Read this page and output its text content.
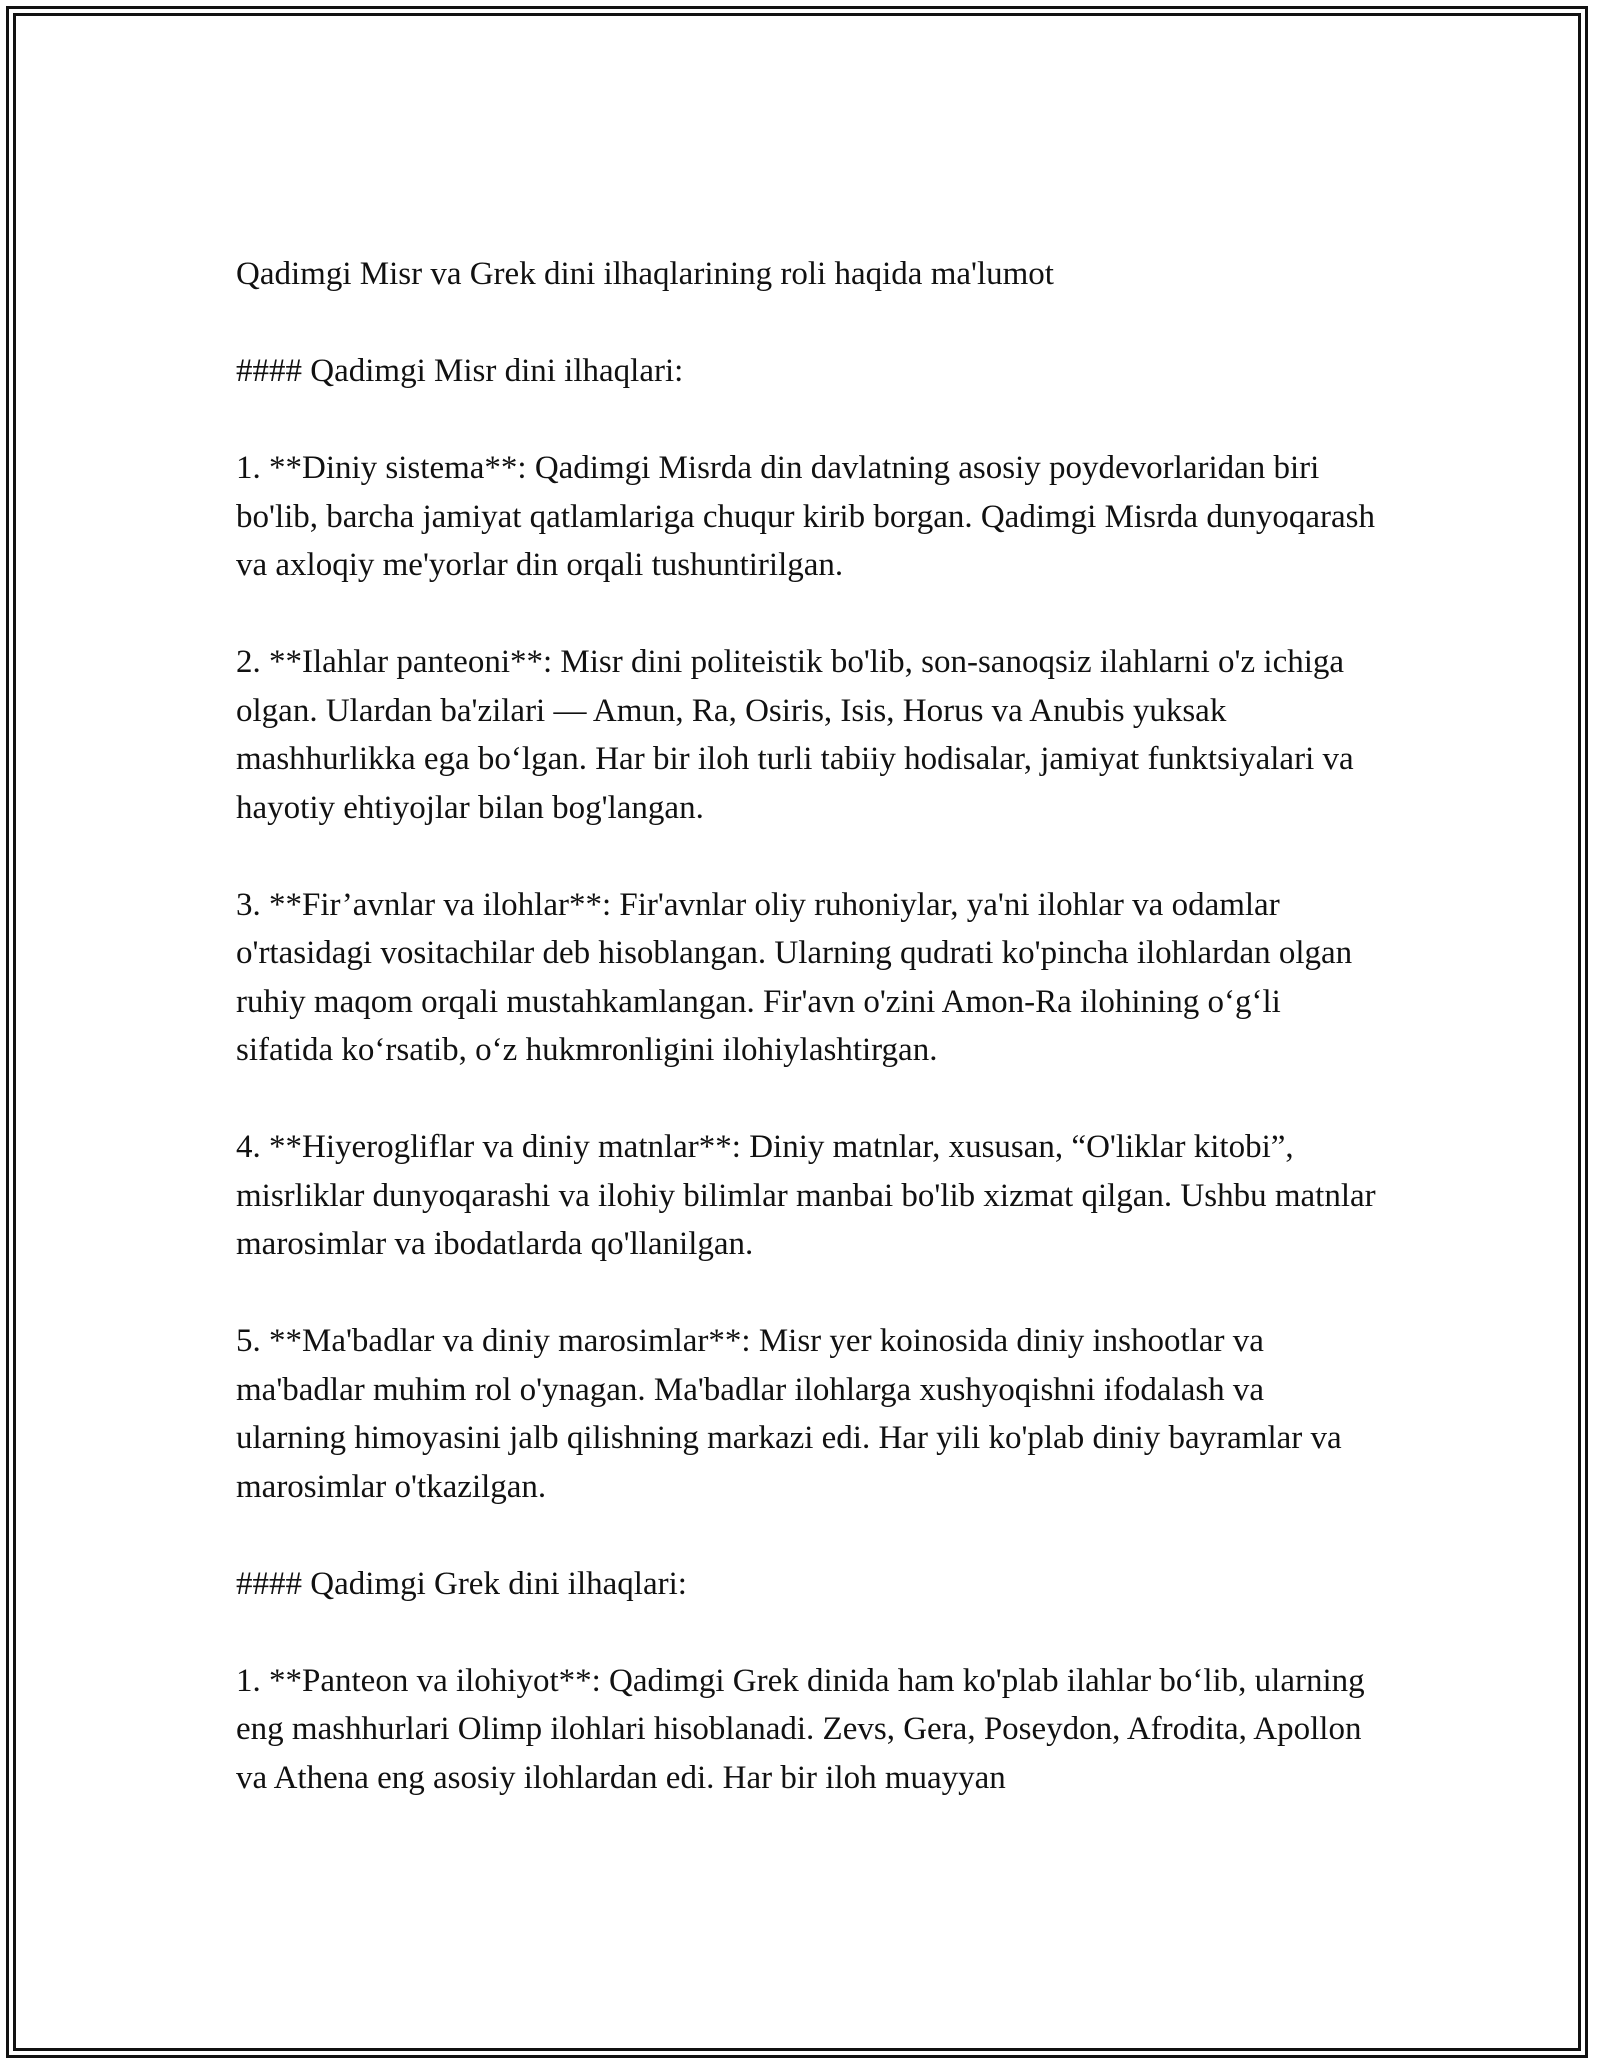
Qadimgi Misr va Grek dini ilhaqlarining roli haqida ma'lumot

#### Qadimgi Misr dini ilhaqlari:

1. **Diniy sistema**: Qadimgi Misrda din davlatning asosiy poydevorlaridan biri bo'lib, barcha jamiyat qatlamlariga chuqur kirib borgan. Qadimgi Misrda dunyoqarash va axloqiy me'yorlar din orqali tushuntirilgan.

2. **Ilahlar panteoni**: Misr dini politeistik bo'lib, son-sanoqsiz ilahlarni o'z ichiga olgan. Ulardan ba'zilari — Amun, Ra, Osiris, Isis, Horus va Anubis yuksak mashhurlikka ega bo‘lgan. Har bir iloh turli tabiiy hodisalar, jamiyat funktsiyalari va hayotiy ehtiyojlar bilan bog'langan.

3. **Fir’avnlar va ilohlar**: Fir'avnlar oliy ruhoniylar, ya'ni ilohlar va odamlar o'rtasidagi vositachilar deb hisoblangan. Ularning qudrati ko'pincha ilohlardan olgan ruhiy maqom orqali mustahkamlangan. Fir'avn o'zini Amon-Ra ilohining o‘g‘li sifatida ko‘rsatib, o‘z hukmronligini ilohiylashtirgan.

4. **Hiyerogliflar va diniy matnlar**: Diniy matnlar, xususan, “O'liklar kitobi”, misrliklar dunyoqarashi va ilohiy bilimlar manbai bo'lib xizmat qilgan. Ushbu matnlar marosimlar va ibodatlarda qo'llanilgan.

5. **Ma'badlar va diniy marosimlar**: Misr yer koinosida diniy inshootlar va ma'badlar muhim rol o'ynagan. Ma'badlar ilohlarga xushyoqishni ifodalash va ularning himoyasini jalb qilishning markazi edi. Har yili ko'plab diniy bayramlar va marosimlar o'tkazilgan.

#### Qadimgi Grek dini ilhaqlari:

1. **Panteon va ilohiyot**: Qadimgi Grek dinida ham ko'plab ilahlar bo‘lib, ularning eng mashhurlari Olimp ilohlari hisoblanadi. Zevs, Gera, Poseydon, Afrodita, Apollon va Athena eng asosiy ilohlardan edi. Har bir iloh muayyan
